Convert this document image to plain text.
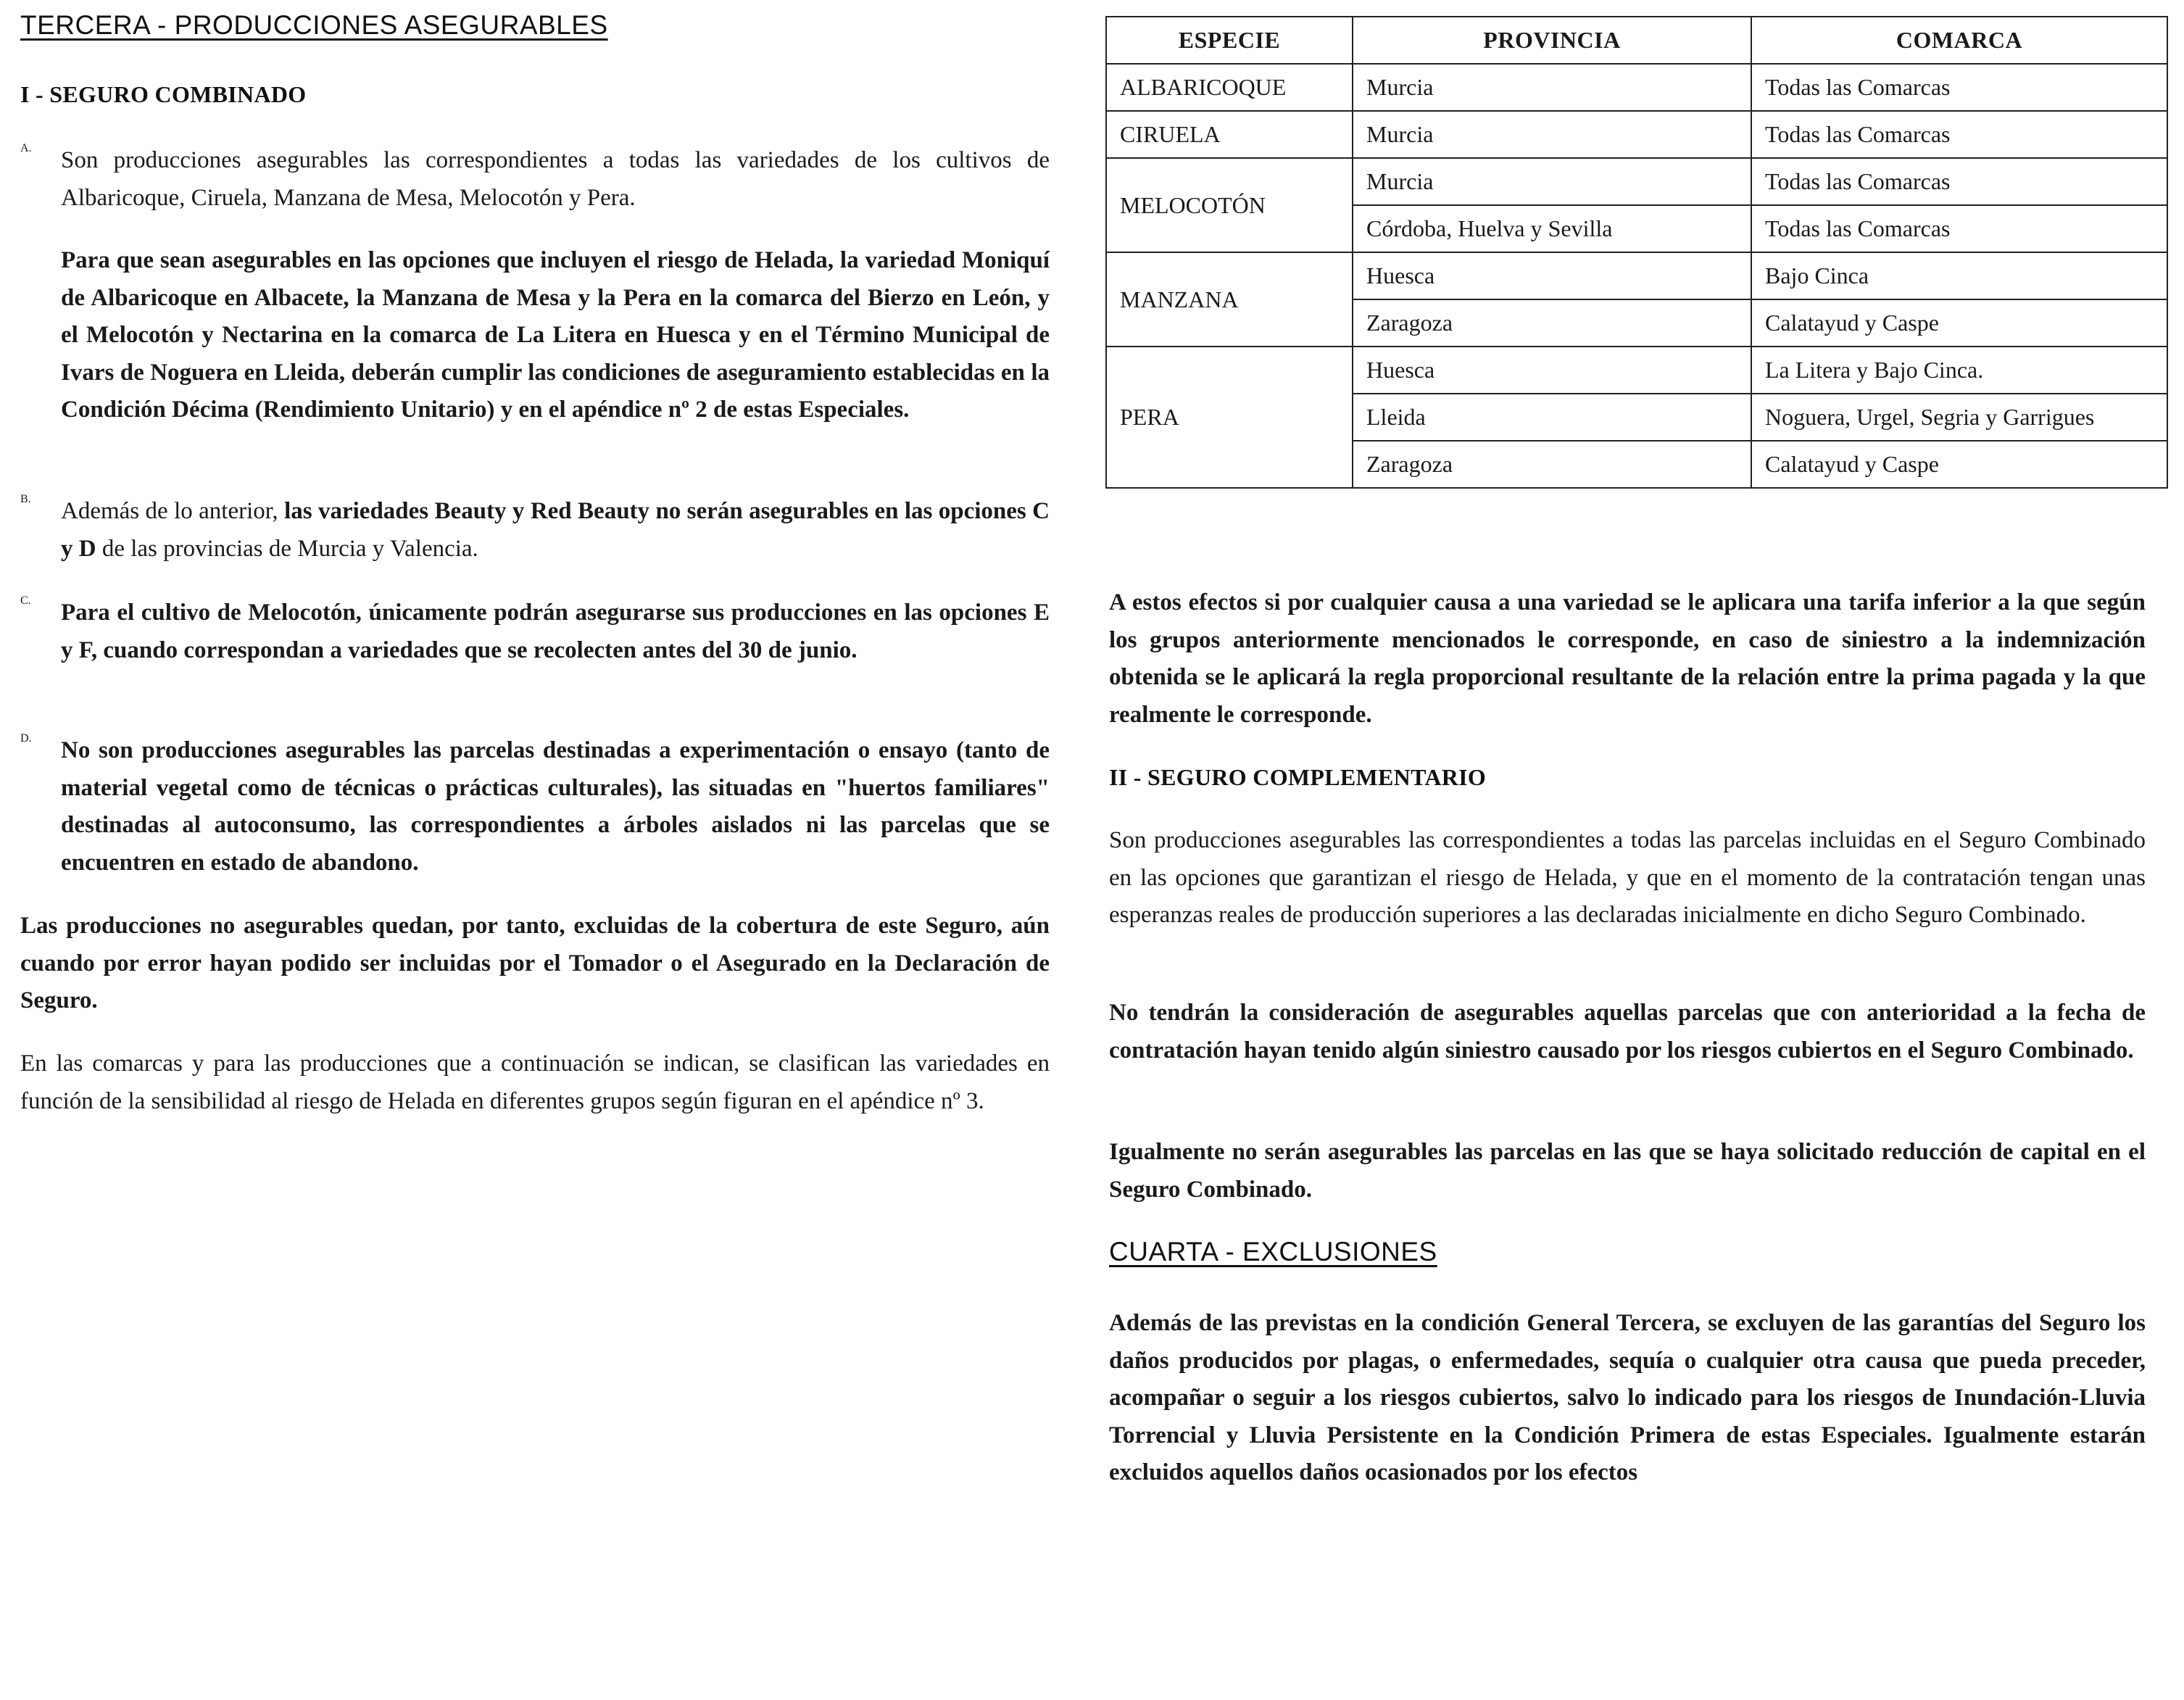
TERCERA - PRODUCCIONES ASEGURABLES
I - SEGURO COMBINADO
A. Son producciones asegurables las correspondientes a todas las variedades de los cultivos de Albaricoque, Ciruela, Manzana de Mesa, Melocotón y Pera.

Para que sean asegurables en las opciones que incluyen el riesgo de Helada, la variedad Moniquí de Albaricoque en Albacete, la Manzana de Mesa y la Pera en la comarca del Bierzo en León, y el Melocotón y Nectarina en la comarca de La Litera en Huesca y en el Término Municipal de Ivars de Noguera en Lleida, deberán cumplir las condiciones de aseguramiento establecidas en la Condición Décima (Rendimiento Unitario) y en el apéndice nº 2 de estas Especiales.

B. Además de lo anterior, las variedades Beauty y Red Beauty no serán asegurables en las opciones C y D de las provincias de Murcia y Valencia.

C. Para el cultivo de Melocotón, únicamente podrán asegurarse sus producciones en las opciones E y F, cuando correspondan a variedades que se recolecten antes del 30 de junio.

D. No son producciones asegurables las parcelas destinadas a experimentación o ensayo (tanto de material vegetal como de técnicas o prácticas culturales), las situadas en "huertos familiares" destinadas al autoconsumo, las correspondientes a árboles aislados ni las parcelas que se encuentren en estado de abandono.

Las producciones no asegurables quedan, por tanto, excluidas de la cobertura de este Seguro, aún cuando por error hayan podido ser incluidas por el Tomador o el Asegurado en la Declaración de Seguro.

En las comarcas y para las producciones que a continuación se indican, se clasifican las variedades en función de la sensibilidad al riesgo de Helada en diferentes grupos según figuran en el apéndice nº 3.

ESPECIE	PROVINCIA	COMARCA
ALBARICOQUE	Murcia	Todas las Comarcas
CIRUELA	Murcia	Todas las Comarcas
MELOCOTÓN	Murcia	Todas las Comarcas
	Córdoba, Huelva y Sevilla	Todas las Comarcas
MANZANA	Huesca	Bajo Cinca
	Zaragoza	Calatayud y Caspe
PERA	Huesca	La Litera y Bajo Cinca.
	Lleida	Noguera, Urgel, Segria y Garrigues
	Zaragoza	Calatayud y Caspe

A estos efectos si por cualquier causa a una variedad se le aplicara una tarifa inferior a la que según los grupos anteriormente mencionados le corresponde, en caso de siniestro a la indemnización obtenida se le aplicará la regla proporcional resultante de la relación entre la prima pagada y la que realmente le corresponde.

II - SEGURO COMPLEMENTARIO

Son producciones asegurables las correspondientes a todas las parcelas incluidas en el Seguro Combinado en las opciones que garantizan el riesgo de Helada, y que en el momento de la contratación tengan unas esperanzas reales de producción superiores a las declaradas inicialmente en dicho Seguro Combinado.

No tendrán la consideración de asegurables aquellas parcelas que con anterioridad a la fecha de contratación hayan tenido algún siniestro causado por los riesgos cubiertos en el Seguro Combinado.

Igualmente no serán asegurables las parcelas en las que se haya solicitado reducción de capital en el Seguro Combinado.

CUARTA - EXCLUSIONES

Además de las previstas en la condición General Tercera, se excluyen de las garantías del Seguro los daños producidos por plagas, o enfermedades, sequía o cualquier otra causa que pueda preceder, acompañar o seguir a los riesgos cubiertos, salvo lo indicado para los riesgos de Inundación-Lluvia Torrencial y Lluvia Persistente en la Condición Primera de estas Especiales. Igualmente estarán excluidos aquellos daños ocasionados por los efectos
